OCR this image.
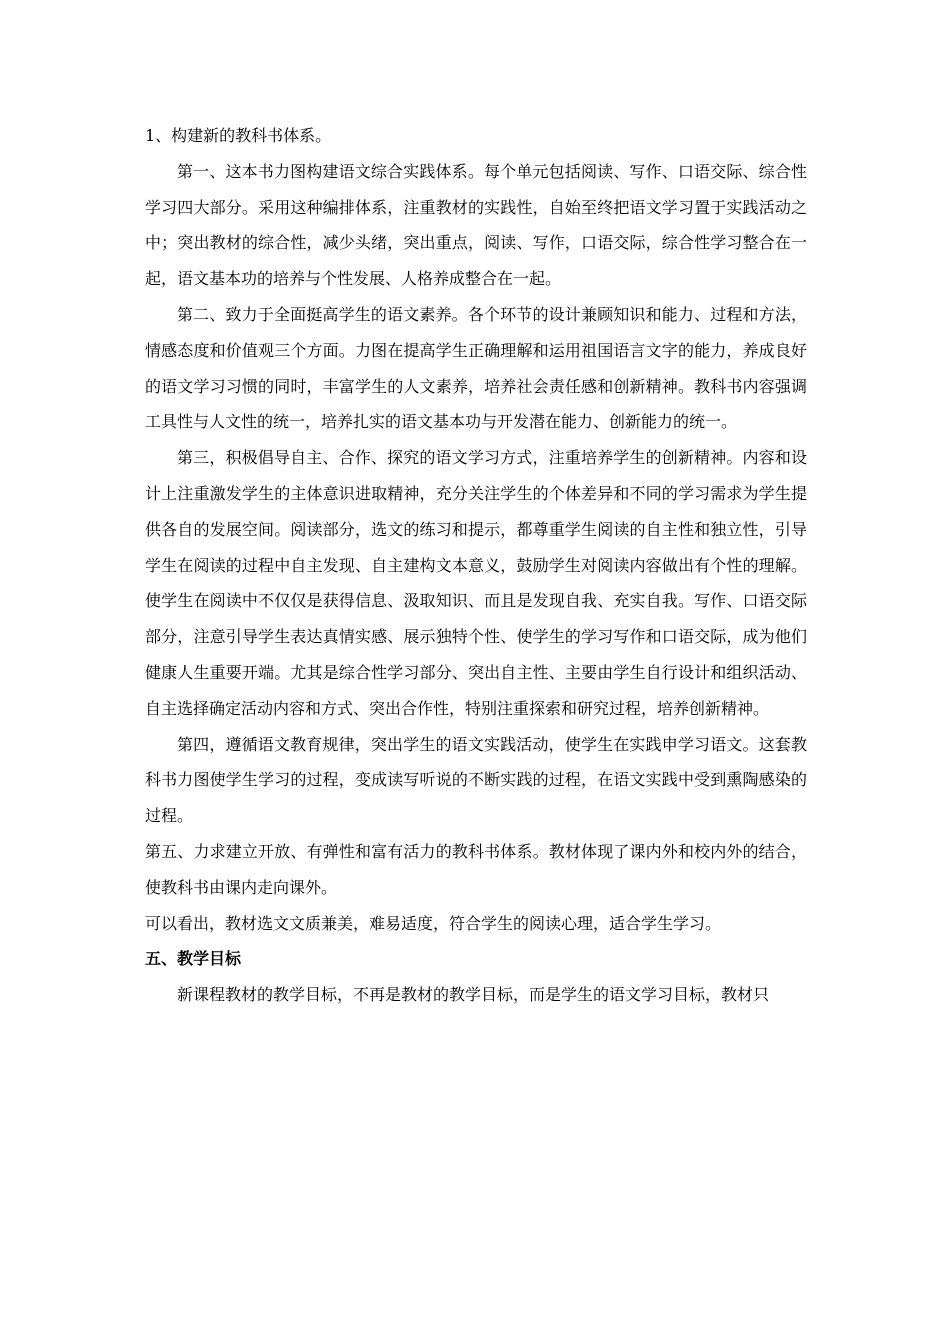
1、构建新的教科书体系。

第一、这本书力图构建语文综合实践体系。每个单元包括阅读、写作、口语交际、综合性学习四大部分。采用这种编排体系，注重教材的实践性，自始至终把语文学习置于实践活动之中；突出教材的综合性，减少头绪，突出重点，阅读、写作，口语交际，综合性学习整合在一起，语文基本功的培养与个性发展、人格养成整合在一起。

第二、致力于全面挺高学生的语文素养。各个环节的设计兼顾知识和能力、过程和方法，情感态度和价值观三个方面。力图在提高学生正确理解和运用祖国语言文字的能力，养成良好的语文学习习惯的同时，丰富学生的人文素养，培养社会责任感和创新精神。教科书内容强调工具性与人文性的统一，培养扎实的语文基本功与开发潜在能力、创新能力的统一。

第三，积极倡导自主、合作、探究的语文学习方式，注重培养学生的创新精神。内容和设计上注重激发学生的主体意识进取精神，充分关注学生的个体差异和不同的学习需求为学生提供各自的发展空间。阅读部分，选文的练习和提示，都尊重学生阅读的自主性和独立性，引导学生在阅读的过程中自主发现、自主建构文本意义，鼓励学生对阅读内容做出有个性的理解。使学生在阅读中不仅仅是获得信息、汲取知识、而且是发现自我、充实自我。写作、口语交际部分，注意引导学生表达真情实感、展示独特个性、使学生的学习写作和口语交际，成为他们健康人生重要开端。尤其是综合性学习部分、突出自主性、主要由学生自行设计和组织活动、自主选择确定活动内容和方式、突出合作性，特别注重探索和研究过程，培养创新精神。

第四，遵循语文教育规律，突出学生的语文实践活动，使学生在实践申学习语文。这套教科书力图使学生学习的过程，变成读写听说的不断实践的过程，在语文实践中受到熏陶感染的过程。

第五、力求建立开放、有弹性和富有活力的教科书体系。教材体现了课内外和校内外的结合，使教科书由课内走向课外。

可以看出，教材选文文质兼美，难易适度，符合学生的阅读心理，适合学生学习。

五、教学目标

新课程教材的教学目标，不再是教材的教学目标，而是学生的语文学习目标，教材只
